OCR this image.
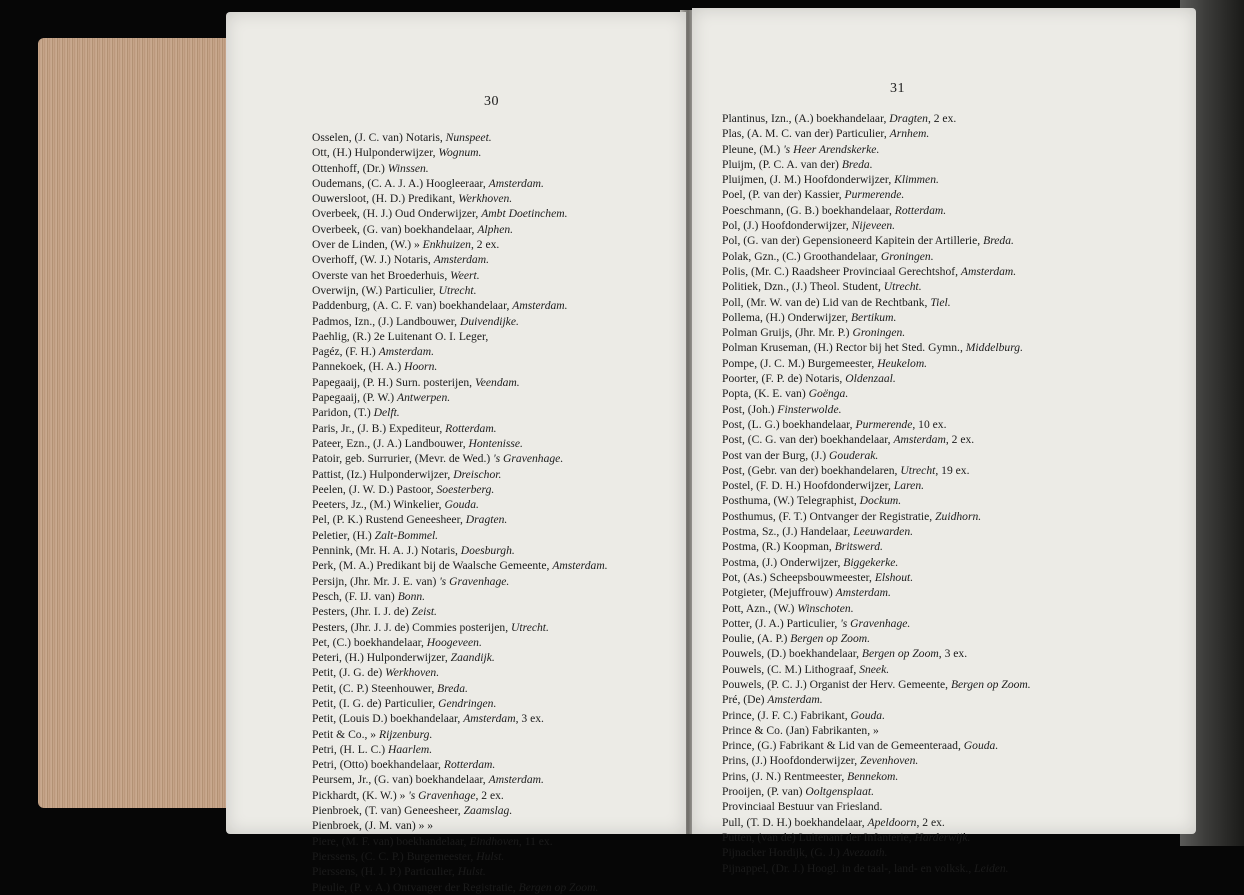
30
Osselen, (J. C. van) Notaris, Nunspeet.
Ott, (H.) Hulponderwijzer, Wognum.
Ottenhoff, (Dr.) Winssen.
Oudemans, (C. A. J. A.) Hoogleeraar, Amsterdam.
Ouwersloot, (H. D.) Predikant, Werkhoven.
Overbeek, (H. J.) Oud Onderwijzer, Ambt Doetinchem.
Overbeek, (G. van) boekhandelaar, Alphen.
Over de Linden, (W.) » Enkhuizen, 2 ex.
Overhoff, (W. J.) Notaris, Amsterdam.
Overste van het Broederhuis, Weert.
Overwijn, (W.) Particulier, Utrecht.
Paddenburg, (A. C. F. van) boekhandelaar, Amsterdam.
Padmos, Izn., (J.) Landbouwer, Duivendijke.
Paehlig, (R.) 2e Luitenant O. I. Leger,
Pagéz, (F. H.) Amsterdam.
Pannekoek, (H. A.) Hoorn.
Papegaaij, (P. H.) Surn. posterijen, Veendam.
Papegaaij, (P. W.) Antwerpen.
Paridon, (T.) Delft.
Paris, Jr., (J. B.) Expediteur, Rotterdam.
Pateer, Ezn., (J. A.) Landbouwer, Hontenisse.
Patoir, geb. Surrurier, (Mevr. de Wed.) 's Gravenhage.
Pattist, (Iz.) Hulponderwijzer, Dreischor.
Peelen, (J. W. D.) Pastoor, Soesterberg.
Peeters, Jz., (M.) Winkelier, Gouda.
Pel, (P. K.) Rustend Geneesheer, Dragten.
Peletier, (H.) Zalt-Bommel.
Pennink, (Mr. H. A. J.) Notaris, Doesburgh.
Perk, (M. A.) Predikant bij de Waalsche Gemeente, Amsterdam.
Persijn, (Jhr. Mr. J. E. van) 's Gravenhage.
Pesch, (F. IJ. van) Bonn.
Pesters, (Jhr. I. J. de) Zeist.
Pesters, (Jhr. J. J. de) Commies posterijen, Utrecht.
Pet, (C.) boekhandelaar, Hoogeveen.
Peteri, (H.) Hulponderwijzer, Zaandijk.
Petit, (J. G. de) Werkhoven.
Petit, (C. P.) Steenhouwer, Breda.
Petit, (I. G. de) Particulier, Gendringen.
Petit, (Louis D.) boekhandelaar, Amsterdam, 3 ex.
Petit & Co., » Rijzenburg.
Petri, (H. L. C.) Haarlem.
Petri, (Otto) boekhandelaar, Rotterdam.
Peursem, Jr., (G. van) boekhandelaar, Amsterdam.
Pickhardt, (K. W.) » 's Gravenhage, 2 ex.
Pienbroek, (T. van) Geneesheer, Zaamslag.
Pienbroek, (J. M. van) » »
Piere, (M. F. van) boekhandelaar, Eindhoven, 11 ex.
Pierssens, (C. C. P.) Burgemeester, Hulst.
Pierssens, (H. J. P.) Particulier, Hulst.
Pieulie, (P. v. A.) Ontvanger der Registratie, Bergen op Zoom.
31
Plantinus, Izn., (A.) boekhandelaar, Dragten, 2 ex.
Plas, (A. M. C. van der) Particulier, Arnhem.
Pleune, (M.) 's Heer Arendskerke.
Pluijm, (P. C. A. van der) Breda.
Pluijmen, (J. M.) Hoofdonderwijzer, Klimmen.
Poel, (P. van der) Kassier, Purmerende.
Poeschmann, (G. B.) boekhandelaar, Rotterdam.
Pol, (J.) Hoofdonderwijzer, Nijeveen.
Pol, (G. van der) Gepensioneerd Kapitein der Artillerie, Breda.
Polak, Gzn., (C.) Groothandelaar, Groningen.
Polis, (Mr. C.) Raadsheer Provinciaal Gerechtshof, Amsterdam.
Politiek, Dzn., (J.) Theol. Student, Utrecht.
Poll, (Mr. W. van de) Lid van de Rechtbank, Tiel.
Pollema, (H.) Onderwijzer, Bertikum.
Polman Gruijs, (Jhr. Mr. P.) Groningen.
Polman Kruseman, (H.) Rector bij het Sted. Gymn., Middelburg.
Pompe, (J. C. M.) Burgemeester, Heukelom.
Poorter, (F. P. de) Notaris, Oldenzaal.
Popta, (K. E. van) Goënga.
Post, (Joh.) Finsterwolde.
Post, (L. G.) boekhandelaar, Purmerende, 10 ex.
Post, (C. G. van der) boekhandelaar, Amsterdam, 2 ex.
Post van der Burg, (J.) Gouderak.
Post, (Gebr. van der) boekhandelaren, Utrecht, 19 ex.
Postel, (F. D. H.) Hoofdonderwijzer, Laren.
Posthuma, (W.) Telegraphist, Dockum.
Posthumus, (F. T.) Ontvanger der Registratie, Zuidhorn.
Postma, Sz., (J.) Handelaar, Leeuwarden.
Postma, (R.) Koopman, Britswerd.
Postma, (J.) Onderwijzer, Biggekerke.
Pot, (As.) Scheepsbouwmeester, Elshout.
Potgieter, (Mejuffrouw) Amsterdam.
Pott, Azn., (W.) Winschoten.
Potter, (J. A.) Particulier, 's Gravenhage.
Poulie, (A. P.) Bergen op Zoom.
Pouwels, (D.) boekhandelaar, Bergen op Zoom, 3 ex.
Pouwels, (C. M.) Lithograaf, Sneek.
Pouwels, (P. C. J.) Organist der Herv. Gemeente, Bergen op Zoom.
Pré, (De) Amsterdam.
Prince, (J. F. C.) Fabrikant, Gouda.
Prince & Co. (Jan) Fabrikanten, »
Prince, (G.) Fabrikant & Lid van de Gemeenteraad, Gouda.
Prins, (J.) Hoofdonderwijzer, Zevenhoven.
Prins, (J. N.) Rentmeester, Bennekom.
Prooijen, (P. van) Ooltgensplaat.
Provinciaal Bestuur van Friesland.
Pull, (T. D. H.) boekhandelaar, Apeldoorn, 2 ex.
Putten, (van de) Luitenant der Infanterie, Harderwijk.
Pijnacker Hordijk, (G. J.) Avezaath.
Pijnappel, (Dr. J.) Hoogl. in de taal-, land- en volksk., Leiden.
